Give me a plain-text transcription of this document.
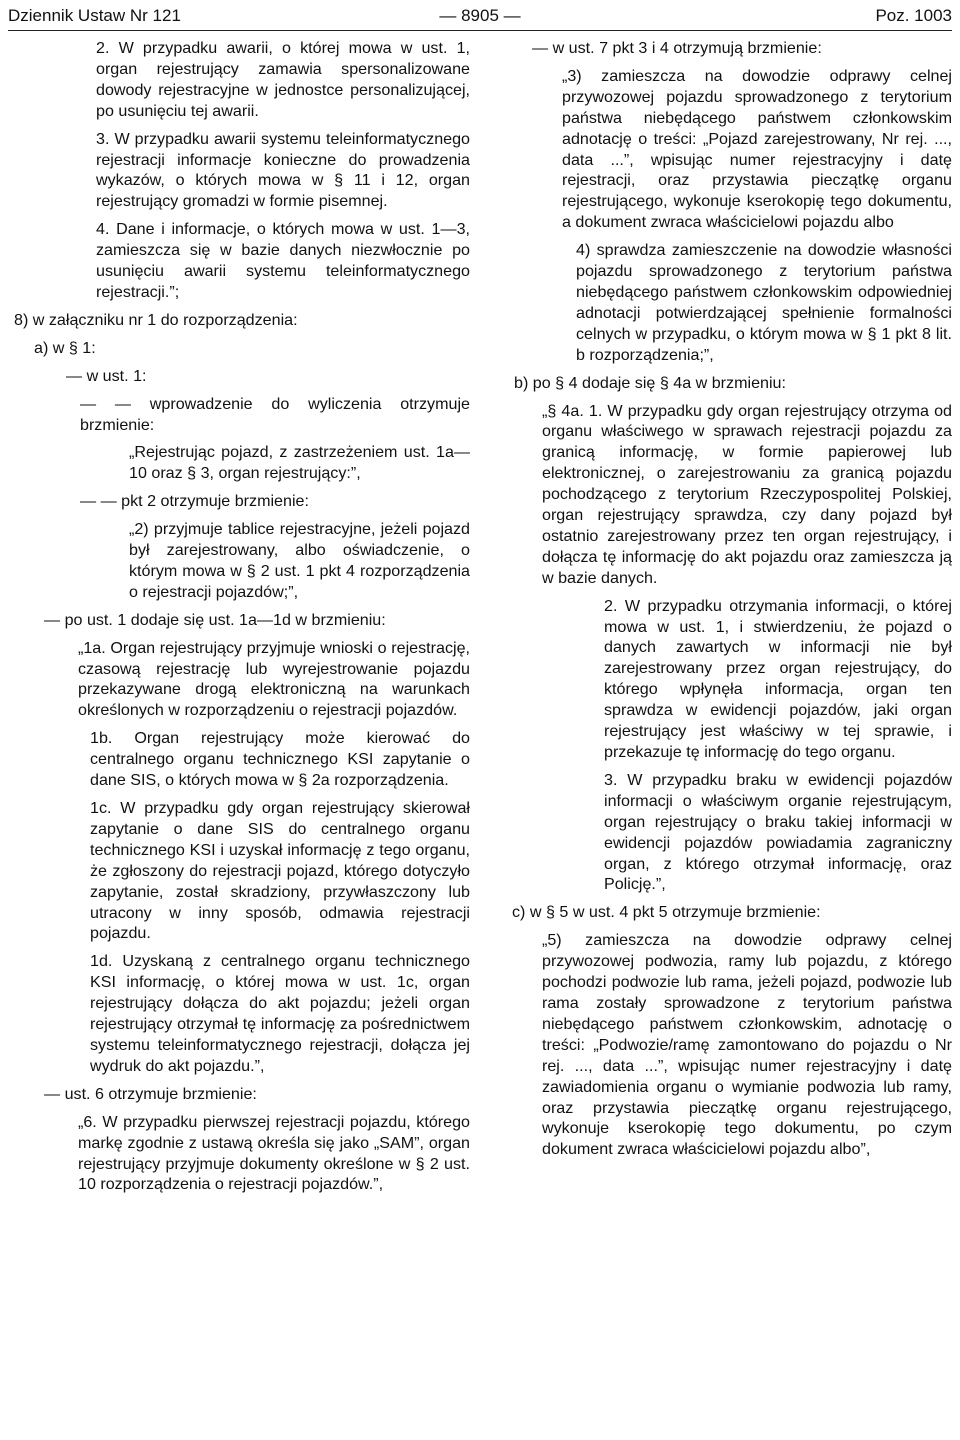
Dziennik Ustaw Nr 121	— 8905 —	Poz. 1003
2. W przypadku awarii, o której mowa w ust. 1, organ rejestrujący zamawia spersonalizowane dowody rejestracyjne w jednostce personalizującej, po usunięciu tej awarii.
3. W przypadku awarii systemu teleinformatycznego rejestracji informacje konieczne do prowadzenia wykazów, o których mowa w § 11 i 12, organ rejestrujący gromadzi w formie pisemnej.
4. Dane i informacje, o których mowa w ust. 1—3, zamieszcza się w bazie danych niezwłocznie po usunięciu awarii systemu teleinformatycznego rejestracji.”;
8) w załączniku nr 1 do rozporządzenia:
a) w § 1:
— w ust. 1:
— — wprowadzenie do wyliczenia otrzymuje brzmienie:
„Rejestrując pojazd, z zastrzeżeniem ust. 1a—10 oraz § 3, organ rejestrujący:”,
— — pkt 2 otrzymuje brzmienie:
„2) przyjmuje tablice rejestracyjne, jeżeli pojazd był zarejestrowany, albo oświadczenie, o którym mowa w § 2 ust. 1 pkt 4 rozporządzenia o rejestracji pojazdów;”,
— po ust. 1 dodaje się ust. 1a—1d w brzmieniu:
„1a. Organ rejestrujący przyjmuje wnioski o rejestrację, czasową rejestrację lub wyrejestrowanie pojazdu przekazywane drogą elektroniczną na warunkach określonych w rozporządzeniu o rejestracji pojazdów.
1b. Organ rejestrujący może kierować do centralnego organu technicznego KSI zapytanie o dane SIS, o których mowa w § 2a rozporządzenia.
1c. W przypadku gdy organ rejestrujący skierował zapytanie o dane SIS do centralnego organu technicznego KSI i uzyskał informację z tego organu, że zgłoszony do rejestracji pojazd, którego dotyczyło zapytanie, został skradziony, przywłaszczony lub utracony w inny sposób, odmawia rejestracji pojazdu.
1d. Uzyskaną z centralnego organu technicznego KSI informację, o której mowa w ust. 1c, organ rejestrujący dołącza do akt pojazdu; jeżeli organ rejestrujący otrzymał tę informację za pośrednictwem systemu teleinformatycznego rejestracji, dołącza jej wydruk do akt pojazdu.”,
— ust. 6 otrzymuje brzmienie:
„6. W przypadku pierwszej rejestracji pojazdu, którego markę zgodnie z ustawą określa się jako „SAM”, organ rejestrujący przyjmuje dokumenty określone w § 2 ust. 10 rozporządzenia o rejestracji pojazdów.”,
— w ust. 7 pkt 3 i 4 otrzymują brzmienie:
„3) zamieszcza na dowodzie odprawy celnej przywozowej pojazdu sprowadzonego z terytorium państwa niebędącego państwem członkowskim adnotację o treści: „Pojazd zarejestrowany, Nr rej. ..., data ...”, wpisując numer rejestracyjny i datę rejestracji, oraz przystawia pieczątkę organu rejestrującego, wykonuje kserokopię tego dokumentu, a dokument zwraca właścicielowi pojazdu albo
4) sprawdza zamieszczenie na dowodzie własności pojazdu sprowadzonego z terytorium państwa niebędącego państwem członkowskim odpowiedniej adnotacji potwierdzającej spełnienie formalności celnych w przypadku, o którym mowa w § 1 pkt 8 lit. b rozporządzenia;”,
b) po § 4 dodaje się § 4a w brzmieniu:
„§ 4a. 1. W przypadku gdy organ rejestrujący otrzyma od organu właściwego w sprawach rejestracji pojazdu za granicą informację, w formie papierowej lub elektronicznej, o zarejestrowaniu za granicą pojazdu pochodzącego z terytorium Rzeczypospolitej Polskiej, organ rejestrujący sprawdza, czy dany pojazd był ostatnio zarejestrowany przez ten organ rejestrujący, i dołącza tę informację do akt pojazdu oraz zamieszcza ją w bazie danych.
2. W przypadku otrzymania informacji, o której mowa w ust. 1, i stwierdzeniu, że pojazd o danych zawartych w informacji nie był zarejestrowany przez organ rejestrujący, do którego wpłynęła informacja, organ ten sprawdza w ewidencji pojazdów, jaki organ rejestrujący jest właściwy w tej sprawie, i przekazuje tę informację do tego organu.
3. W przypadku braku w ewidencji pojazdów informacji o właściwym organie rejestrującym, organ rejestrujący o braku takiej informacji w ewidencji pojazdów powiadamia zagraniczny organ, z którego otrzymał informację, oraz Policję.”,
c) w § 5 w ust. 4 pkt 5 otrzymuje brzmienie:
„5) zamieszcza na dowodzie odprawy celnej przywozowej podwozia, ramy lub pojazdu, z którego pochodzi podwozie lub rama, jeżeli pojazd, podwozie lub rama zostały sprowadzone z terytorium państwa niebędącego państwem członkowskim, adnotację o treści: „Podwozie/ramę zamontowano do pojazdu o Nr rej. ..., data ...”, wpisując numer rejestracyjny i datę zawiadomienia organu o wymianie podwozia lub ramy, oraz przystawia pieczątkę organu rejestrującego, wykonuje kserokopię tego dokumentu, po czym dokument zwraca właścicielowi pojazdu albo”,
